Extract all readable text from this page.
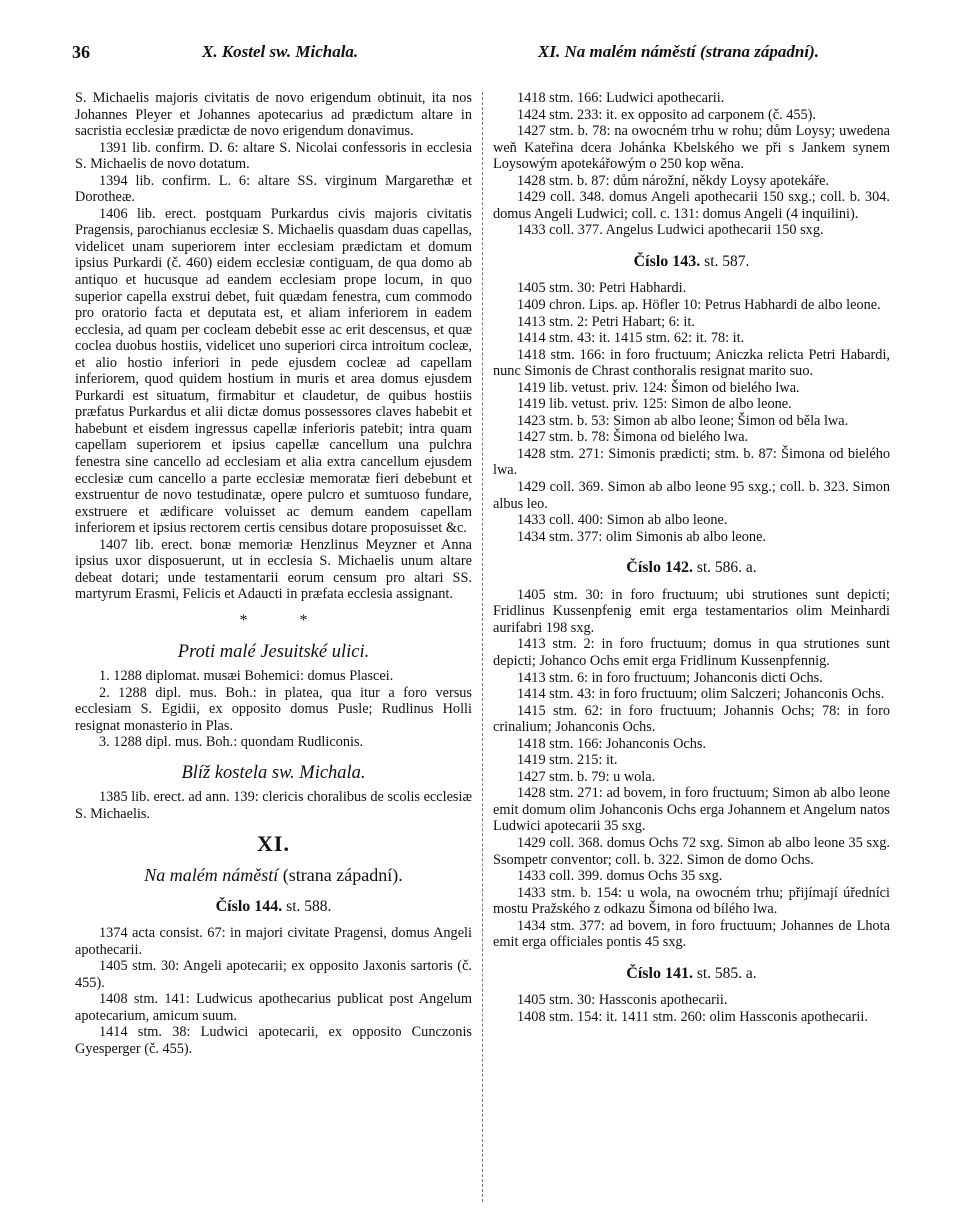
36	X. Kostel sw. Michala.	XI. Na malém náměstí (strana západní).

S. Michaelis majoris civitatis de novo erigendum obtinuit, ita nos Johannes Pleyer et Johannes apotecarius ad prædictum altare in sacristia ecclesiæ prædictæ de novo erigendum donavimus.

1391 lib. confirm. D. 6: altare S. Nicolai confessoris in ecclesia S. Michaelis de novo dotatum.

1394 lib. confirm. L. 6: altare SS. virginum Margarethæ et Dorotheæ.

1406 lib. erect. postquam Purkardus civis majoris civitatis Pragensis, parochianus ecclesiæ S. Michaelis quasdam duas capellas, videlicet unam superiorem inter ecclesiam prædictam et domum ipsius Purkardi (č. 460) eidem ecclesiæ contiguam, de qua domo ab antiquo et hucusque ad eandem ecclesiam prope locum, in quo superior capella exstrui debet, fuit quædam fenestra, cum commodo pro oratorio facta et deputata est, et aliam inferiorem in eadem ecclesia, ad quam per cocleam debebit esse ac erit descensus, et quæ coclea duobus hostiis, videlicet uno superiori circa introitum cocleæ, et alio hostio inferiori in pede ejusdem cocleæ ad capellam inferiorem, quod quidem hostium in muris et area domus ejusdem Purkardi est situatum, firmabitur et claudetur, de quibus hostiis præfatus Purkardus et alii dictæ domus possessores claves habebit et habebunt et eisdem ingressus capellæ inferioris patebit; intra quam capellam superiorem et ipsius capellæ cancellum una pulchra fenestra sine cancello ad ecclesiam et alia extra cancellum ejusdem ecclesiæ cum cancello a parte ecclesiæ memoratæ fieri debebunt et exstruentur de novo testudinatæ, opere pulcro et sumtuoso fundare, exstruere et ædificare voluisset ac demum eandem capellam inferiorem et ipsius rectorem certis censibus dotare proposuisset &c.

1407 lib. erect. bonæ memoriæ Henzlinus Meyzner et Anna ipsius uxor disposuerunt, ut in ecclesia S. Michaelis unum altare debeat dotari; unde testamentarii eorum censum pro altari SS. martyrum Erasmi, Felicis et Adaucti in præfata ecclesia assignant.

* *
Proti malé Jesuitské ulici.

1. 1288 diplomat. musæi Bohemici: domus Plascei.

2. 1288 dipl. mus. Boh.: in platea, qua itur a foro versus ecclesiam S. Egidii, ex opposito domus Pusle; Rudlinus Holli resignat monasterio in Plas.

3. 1288 dipl. mus. Boh.: quondam Rudliconis.

Blíž kostela sw. Michala.

1385 lib. erect. ad ann. 139: clericis choralibus de scolis ecclesiæ S. Michaelis.

XI.
Na malém náměstí (strana západní).
Číslo 144. st. 588.

1374 acta consist. 67: in majori civitate Pragensi, domus Angeli apothecarii.

1405 stm. 30: Angeli apotecarii; ex opposito Jaxonis sartoris (č. 455).

1408 stm. 141: Ludwicus apothecarius publicat post Angelum apotecarium, amicum suum.

1414 stm. 38: Ludwici apotecarii, ex opposito Cunczonis Gyesperger (č. 455).

1418 stm. 166: Ludwici apothecarii.

1424 stm. 233: it. ex opposito ad carponem (č. 455).

1427 stm. b. 78: na owocném trhu w rohu; dům Loysy; uwedena weň Kateřina dcera Johánka Kbelského we při s Jankem synem Loysowým apotekářowým o 250 kop wěna.

1428 stm. b. 87: dům nárožní, někdy Loysy apotekáře.

1429 coll. 348. domus Angeli apothecarii 150 sxg.; coll. b. 304. domus Angeli Ludwici; coll. c. 131: domus Angeli (4 inquilini).

1433 coll. 377. Angelus Ludwici apothecarii 150 sxg.

Číslo 143. st. 587.

1405 stm. 30: Petri Habhardi.

1409 chron. Lips. ap. Höfler 10: Petrus Habhardi de albo leone.

1413 stm. 2: Petri Habart; 6: it.

1414 stm. 43: it. 1415 stm. 62: it. 78: it.

1418 stm. 166: in foro fructuum; Aniczka relicta Petri Habardi, nunc Simonis de Chrast conthoralis resignat marito suo.

1419 lib. vetust. priv. 124: Šimon od bielého lwa.

1419 lib. vetust. priv. 125: Simon de albo leone.

1423 stm. b. 53: Simon ab albo leone; Šimon od běla lwa.

1427 stm. b. 78: Šimona od bielého lwa.

1428 stm. 271: Simonis prædicti; stm. b. 87: Šimona od bielého lwa.

1429 coll. 369. Simon ab albo leone 95 sxg.; coll. b. 323. Simon albus leo.

1433 coll. 400: Simon ab albo leone.

1434 stm. 377: olim Simonis ab albo leone.

Číslo 142. st. 586. a.

1405 stm. 30: in foro fructuum; ubi strutiones sunt depicti; Fridlinus Kussenpfenig emit erga testamentarios olim Meinhardi aurifabri 198 sxg.

1413 stm. 2: in foro fructuum; domus in qua strutiones sunt depicti; Johanco Ochs emit erga Fridlinum Kussenpfennig.

1413 stm. 6: in foro fructuum; Johanconis dicti Ochs.

1414 stm. 43: in foro fructuum; olim Salczeri; Johanconis Ochs.

1415 stm. 62: in foro fructuum; Johannis Ochs; 78: in foro crinalium; Johanconis Ochs.

1418 stm. 166: Johanconis Ochs.

1419 stm. 215: it.

1427 stm. b. 79: u wola.

1428 stm. 271: ad bovem, in foro fructuum; Simon ab albo leone emit domum olim Johanconis Ochs erga Johannem et Angelum natos Ludwici apotecarii 35 sxg.

1429 coll. 368. domus Ochs 72 sxg. Simon ab albo leone 35 sxg. Ssompetr conventor; coll. b. 322. Simon de domo Ochs.

1433 coll. 399. domus Ochs 35 sxg.

1433 stm. b. 154: u wola, na owocném trhu; přijímají úředníci mostu Pražského z odkazu Šimona od bílého lwa.

1434 stm. 377: ad bovem, in foro fructuum; Johannes de Lhota emit erga officiales pontis 45 sxg.

Číslo 141. st. 585. a.

1405 stm. 30: Hassconis apothecarii.

1408 stm. 154: it. 1411 stm. 260: olim Hassconis apothecarii.
